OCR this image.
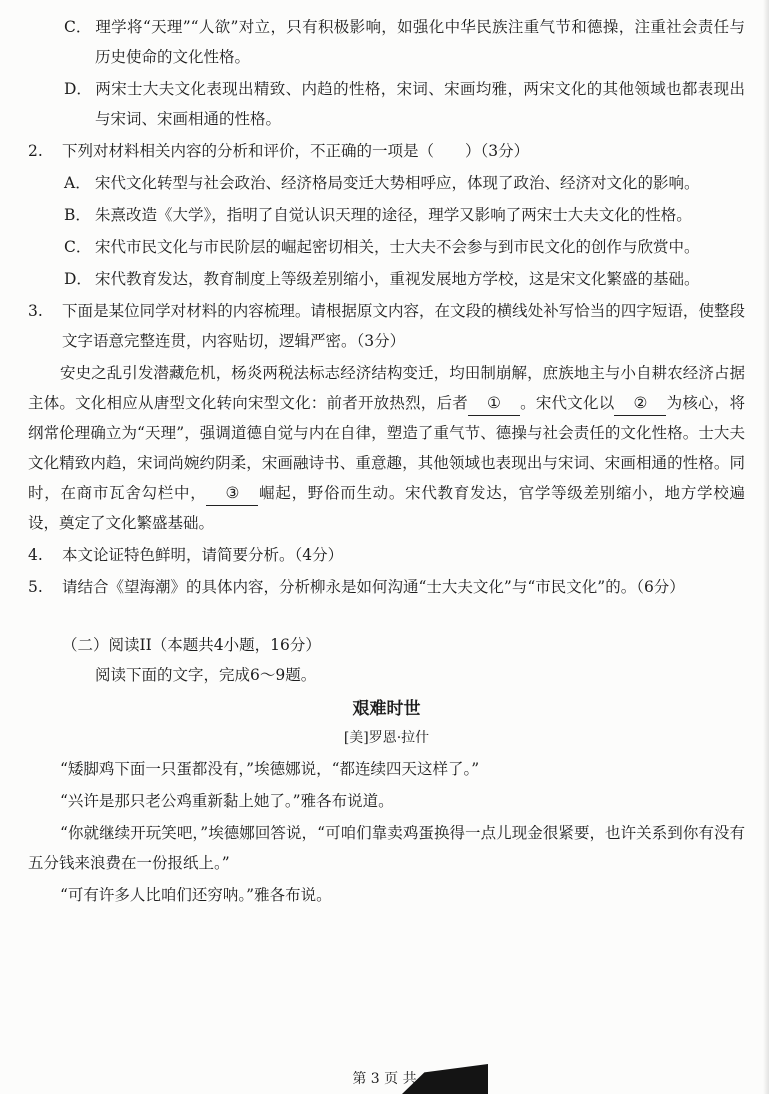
C． 理学将“天理”“人欲”对立，只有积极影响，如强化中华民族注重气节和德操，注重社会责任与历史使命的文化性格。
D． 两宋士大夫文化表现出精致、内趋的性格，宋词、宋画均雅，两宋文化的其他领域也都表现出与宋词、宋画相通的性格。
2. 下列对材料相关内容的分析和评价，不正确的一项是（　　）（3分）
A． 宋代文化转型与社会政治、经济格局变迁大势相呼应，体现了政治、经济对文化的影响。
B． 朱熹改造《大学》，指明了自觉认识天理的途径，理学又影响了两宋士大夫文化的性格。
C． 宋代市民文化与市民阶层的崛起密切相关，士大夫不会参与到市民文化的创作与欣赏中。
D． 宋代教育发达，教育制度上等级差别缩小，重视发展地方学校，这是宋文化繁盛的基础。
3. 下面是某位同学对材料的内容梳理。请根据原文内容，在文段的横线处补写恰当的四字短语，使整段文字语意完整连贯，内容贴切，逻辑严密。（3分）
安史之乱引发潜藏危机，杨炎两税法标志经济结构变迁，均田制崩解，庶族地主与小自耕农经济占据主体。文化相应从唐型文化转向宋型文化：前者开放热烈，后者 ① 。宋代文化以 ② 为核心，将纲常伦理确立为“天理”，强调道德自觉与内在自律，塑造了重气节、德操与社会责任的文化性格。士大夫文化精致内趋，宋词尚婉约阴柔，宋画融诗书、重意趣，其他领域也表现出与宋词、宋画相通的性格。同时，在商市瓦舍勾栏中， ③ 崛起，野俗而生动。宋代教育发达，官学等级差别缩小，地方学校遍设，奠定了文化繁盛基础。
4. 本文论证特色鲜明，请简要分析。（4分）
5. 请结合《望海潮》的具体内容，分析柳永是如何沟通“士大夫文化”与“市民文化”的。（6分）
（二）阅读II（本题共4小题，16分）
阅读下面的文字，完成6～9题。
艰难时世
[美]罗恩·拉什
“矮脚鸡下面一只蛋都没有，”埃德娜说，“都连续四天这样了。”
“兴许是那只老公鸡重新黏上她了。”雅各布说道。
“你就继续开玩笑吧，”埃德娜回答说，“可咱们靠卖鸡蛋换得一点儿现金很紧要，也许关系到你有没有五分钱来浪费在一份报纸上。”
“可有许多人比咱们还穷呐。”雅各布说。
第 3 页 共
